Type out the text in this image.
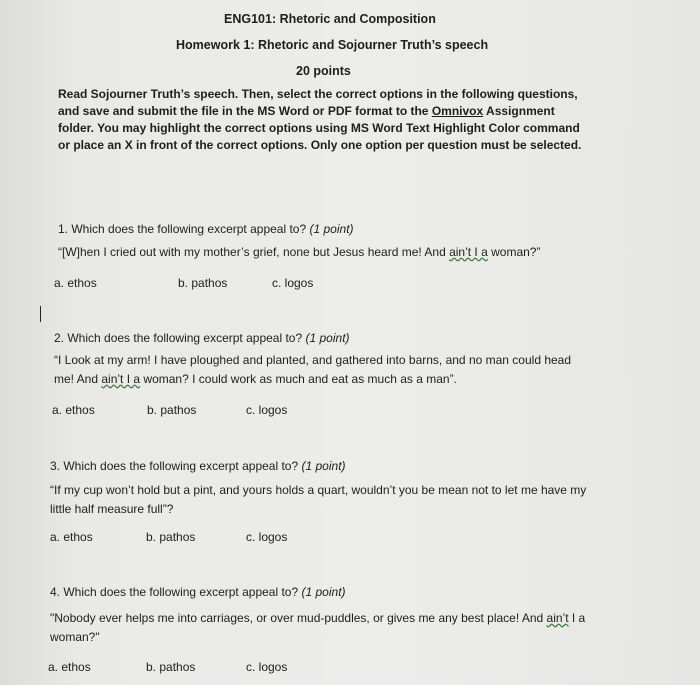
ENG101: Rhetoric and Composition
Homework 1: Rhetoric and Sojourner Truth’s speech
20 points
Read Sojourner Truth’s speech. Then, select the correct options in the following questions, and save and submit the file in the MS Word or PDF format to the Omnivox Assignment folder. You may highlight the correct options using MS Word Text Highlight Color command or place an X in front of the correct options. Only one option per question must be selected.
1. Which does the following excerpt appeal to? (1 point)
“[W]hen I cried out with my mother’s grief, none but Jesus heard me! And ain’t I a woman?”
a. ethos	b. pathos	c. logos
2. Which does the following excerpt appeal to? (1 point)
“I Look at my arm! I have ploughed and planted, and gathered into barns, and no man could head me! And ain’t I a woman? I could work as much and eat as much as a man”.
a. ethos	b. pathos	c. logos
3. Which does the following excerpt appeal to? (1 point)
“If my cup won’t hold but a pint, and yours holds a quart, wouldn’t you be mean not to let me have my little half measure full”?
a. ethos	b. pathos	c. logos
4. Which does the following excerpt appeal to? (1 point)
"Nobody ever helps me into carriages, or over mud-puddles, or gives me any best place! And ain’t I a woman?"
a. ethos	b. pathos	c. logos
